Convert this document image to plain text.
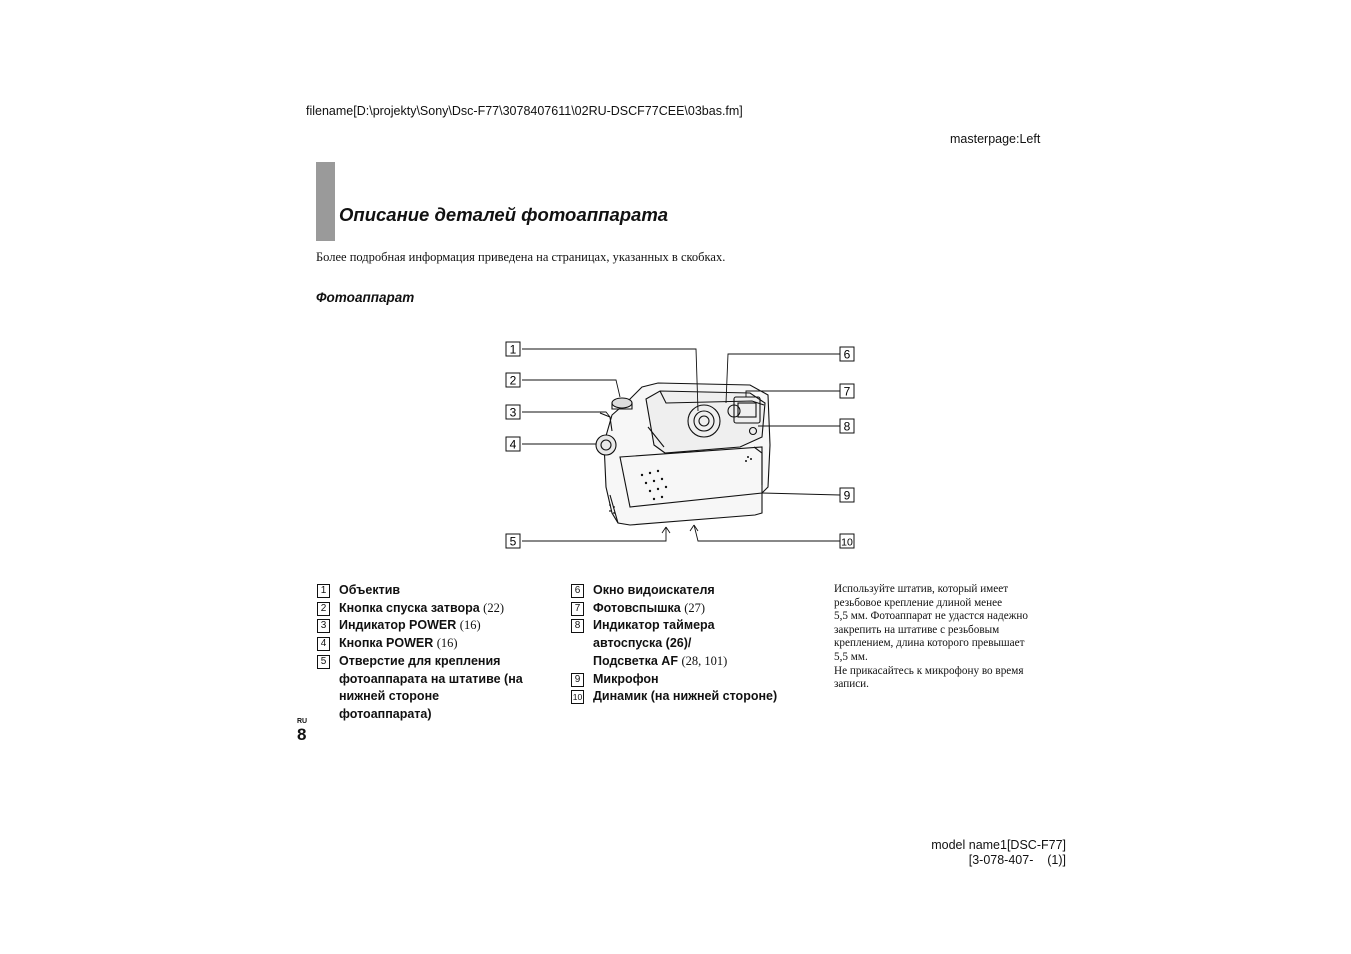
filename[D:\projekty\Sony\Dsc-F77\3078407611\02RU-DSCF77CEE\03bas.fm]
masterpage:Left
Описание деталей фотоаппарата
Более подробная информация приведена на страницах, указанных в скобках.
Фотоаппарат
1
2
3
4
5
6
7
8
9
10
1 Объектив
2 Кнопка спуска затвора (22)
3 Индикатор POWER (16)
4 Кнопка POWER (16)
5 Отверстие для крепления
фотоаппарата на штативе (на
нижней стороне
фотоаппарата)
6 Окно видоискателя
7 Фотовспышка (27)
8 Индикатор таймера
автоспуска (26)/
Подсветка AF (28, 101)
9 Микрофон
10 Динамик (на нижней стороне)
Используйте штатив, который имеет
резьбовое крепление длиной менее
5,5 мм. Фотоаппарат не удастся надежно
закрепить на штативе с резьбовым
креплением, длина которого превышает
5,5 мм.
Не прикасайтесь к микрофону во время
записи.
RU
8
model name1[DSC-F77]
[3-078-407-    (1)]
